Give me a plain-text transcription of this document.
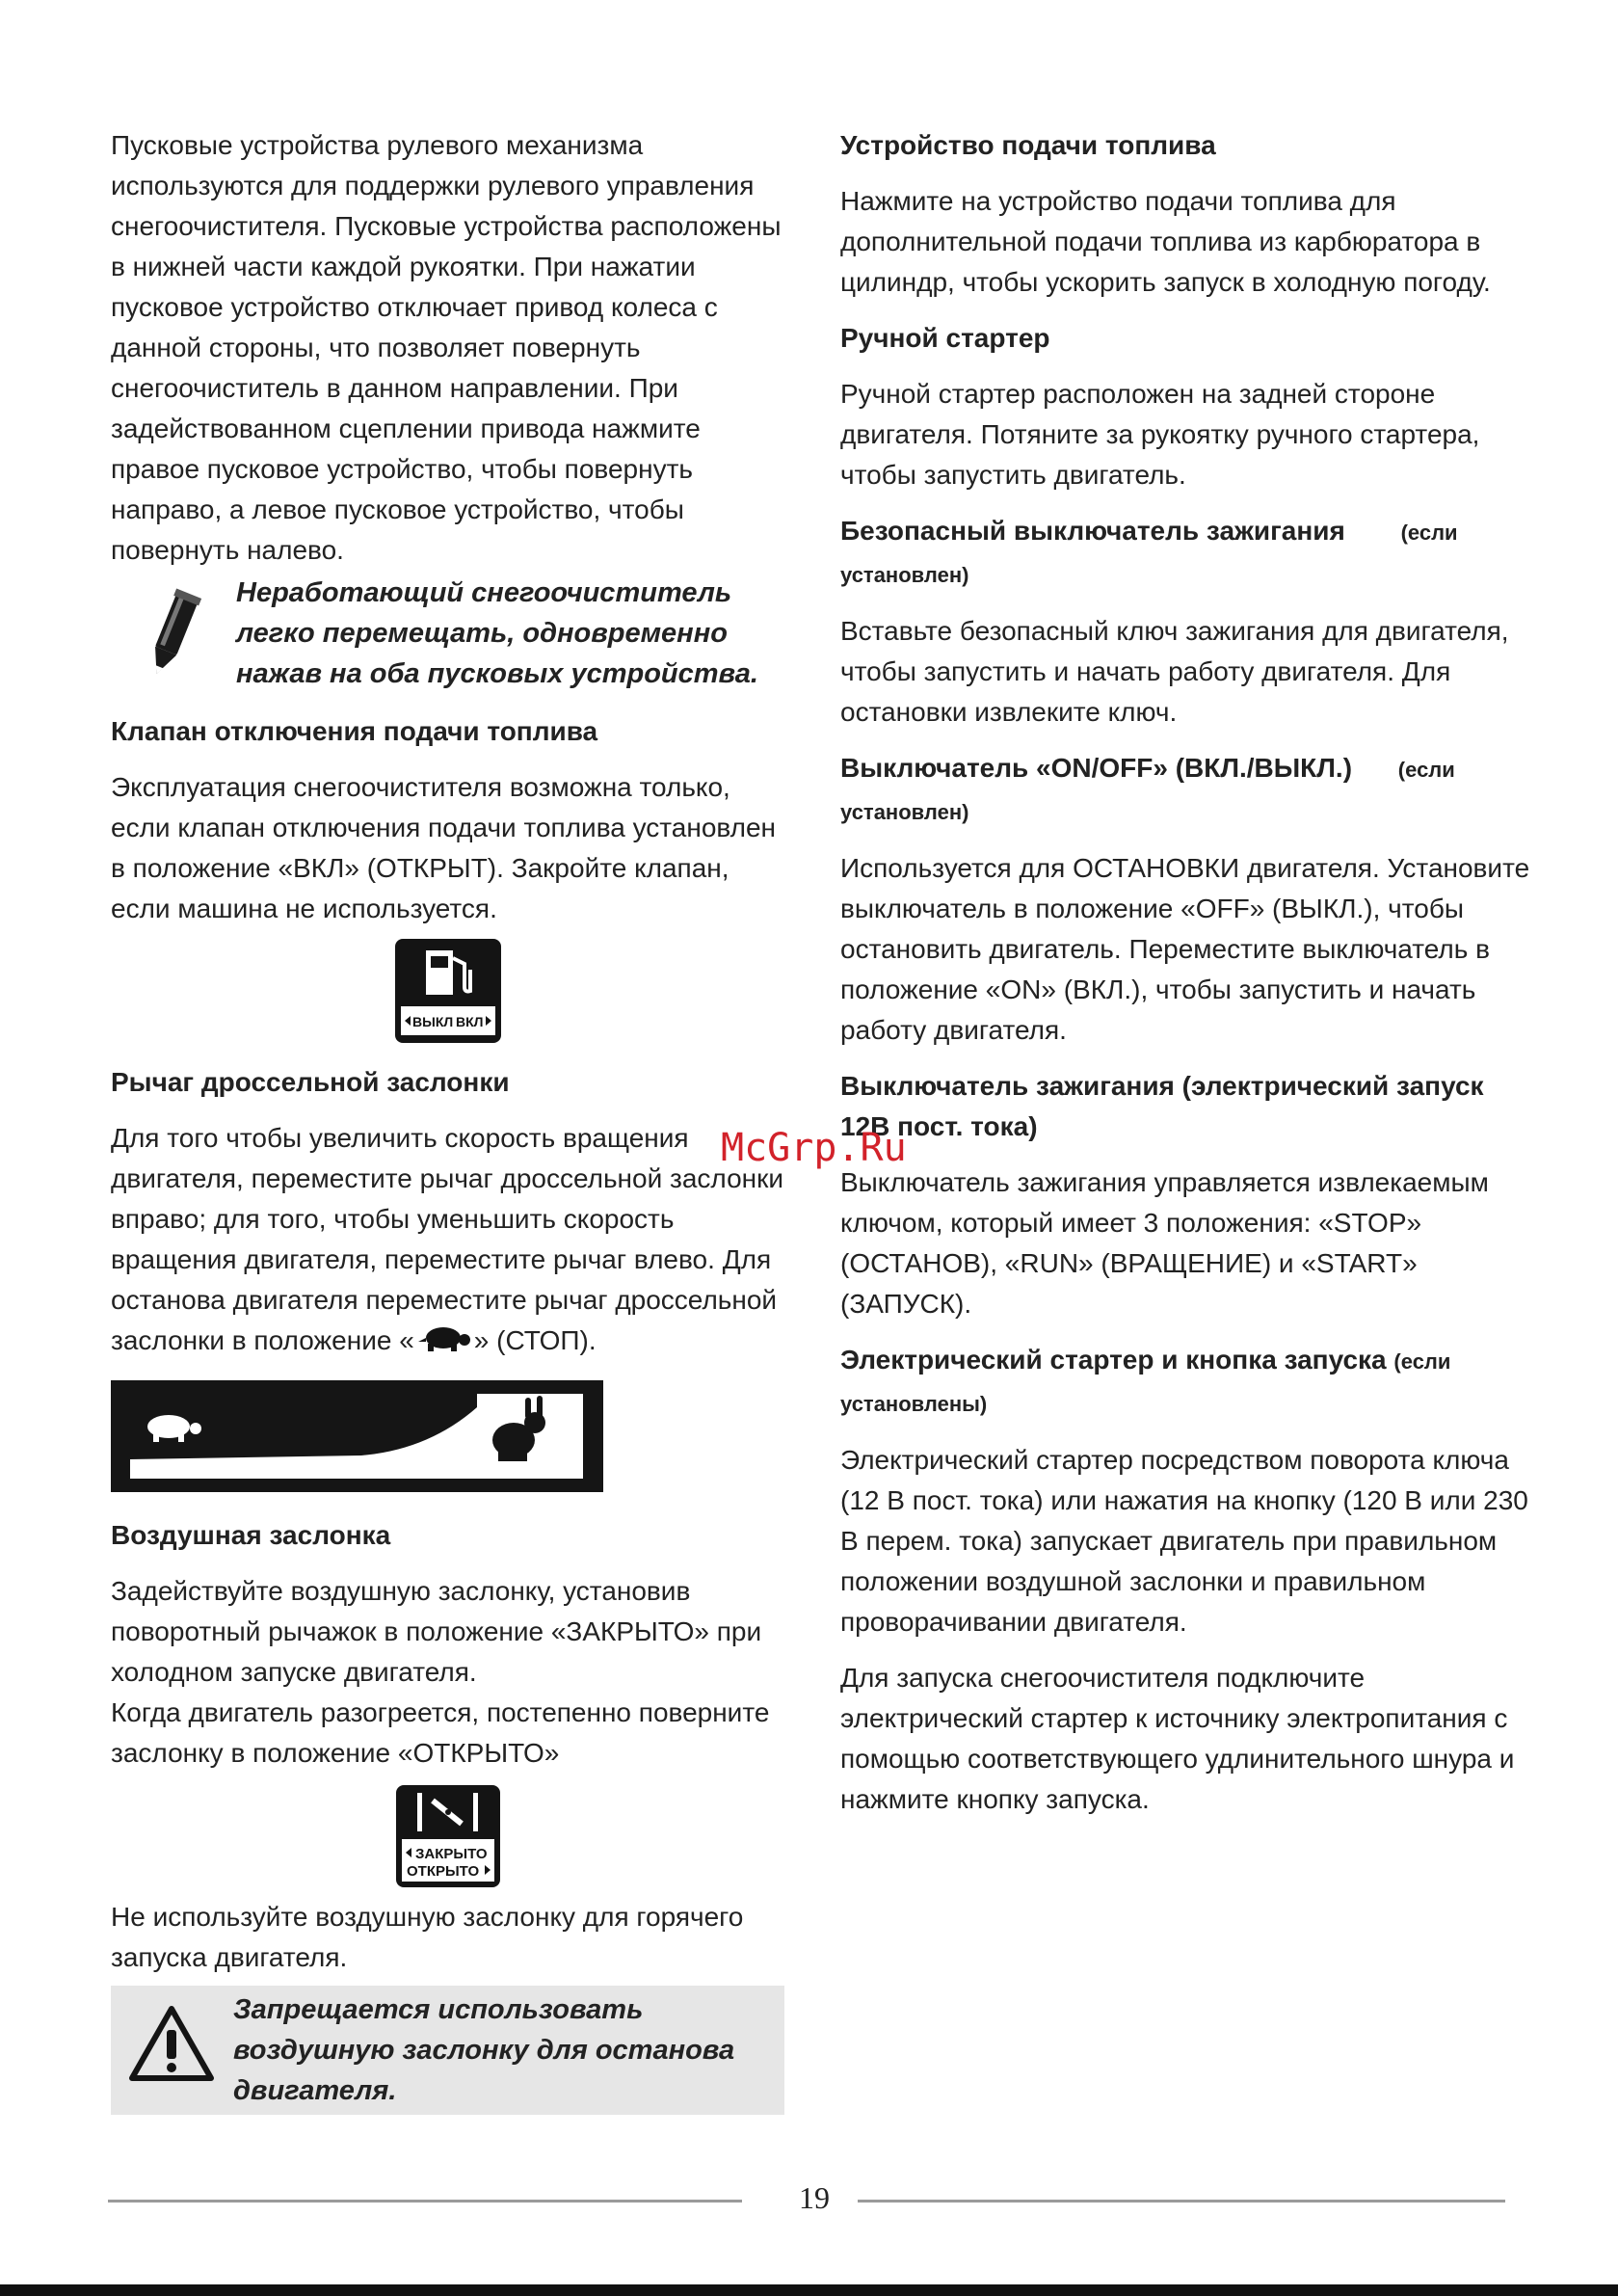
Пусковые устройства рулевого механизма используются для поддержки рулевого управления снегоочистителя. Пусковые устройства расположены в нижней части каждой рукоятки. При нажатии пусковое устройство отключает привод колеса с данной стороны, что позволяет повернуть снегоочиститель в данном направлении. При задействованном сцеплении привода нажмите правое пусковое устройство, чтобы повернуть направо, а левое пусковое устройство, чтобы повернуть налево.

Неработающий снегоочиститель легко перемещать, одновременно нажав на оба пусковых устройства.

Клапан отключения подачи топлива

Эксплуатация снегоочистителя возможна только, если клапан отключения подачи топлива установлен в положение «ВКЛ» (ОТКРЫТ). Закройте клапан, если машина не используется.

ВЫКЛ ВКЛ
Рычаг дроссельной заслонки

Для того чтобы увеличить скорость вращения двигателя, переместите рычаг дроссельной заслонки вправо; для того, чтобы уменьшить скорость вращения двигателя, переместите рычаг влево. Для останова двигателя переместите рычаг дроссельной заслонки в положение « » (СТОП).

Воздушная заслонка

Задействуйте воздушную заслонку, установив поворотный рычажок в положение «ЗАКРЫТО» при холодном запуске двигателя.

Когда двигатель разогреется, постепенно поверните заслонку в положение «ОТКРЫТО»

ЗАКРЫТО
ОТКРЫТО

Не используйте воздушную заслонку для горячего запуска двигателя.

Запрещается использовать воздушную заслонку для останова двигателя.

Устройство подачи топлива

Нажмите на устройство подачи топлива для дополнительной подачи топлива из карбюратора в цилиндр, чтобы ускорить запуск в холодную погоду.

Ручной стартер

Ручной стартер расположен на задней стороне двигателя. Потяните за рукоятку ручного стартера, чтобы запустить двигатель.

Безопасный выключатель зажигания	(если установлен)

Вставьте безопасный ключ зажигания для двигателя, чтобы запустить и начать работу двигателя. Для остановки извлеките ключ.

Выключатель «ON/OFF» (ВКЛ./ВЫКЛ.) (если установлен)

Используется для ОСТАНОВКИ двигателя. Установите выключатель в положение «OFF» (ВЫКЛ.), чтобы остановить двигатель. Переместите выключатель в положение «ON» (ВКЛ.), чтобы запустить и начать работу двигателя.

Выключатель зажигания (электрический запуск 12В пост. тока)

Выключатель зажигания управляется извлекаемым ключом, который имеет 3 положения: «STOP» (ОСТАНОВ), «RUN» (ВРАЩЕНИЕ) и «START» (ЗАПУСК).

Электрический стартер и кнопка запуска (если установлены)

Электрический стартер посредством поворота ключа (12 В пост. тока) или нажатия на кнопку (120 В или 230 В перем. тока) запускает двигатель при правильном положении воздушной заслонки и правильном проворачивании двигателя.

Для запуска снегоочистителя подключите электрический стартер к источнику электропитания с помощью соответствующего удлинительного шнура и нажмите кнопку запуска.

McGrp.Ru
19
